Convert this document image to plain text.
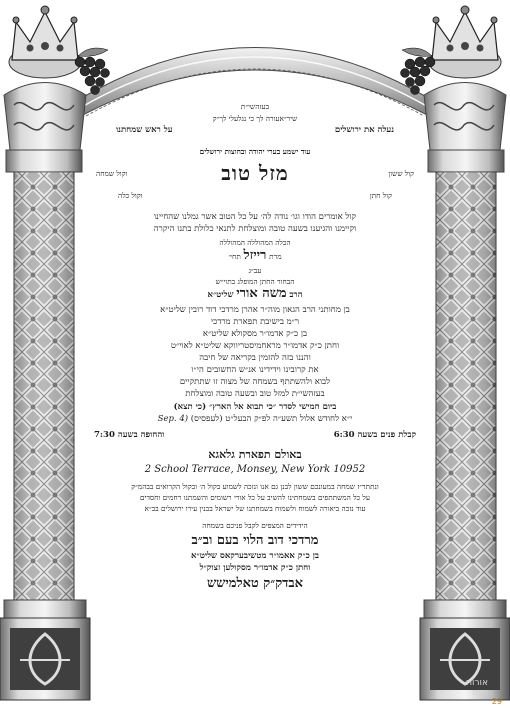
בעזהשי״ת
שיר״אעורה לך כי נגלעלי לך״ק
נעלה את ירושלים
על ראש שמחתנו
עוד ישמע בערי יהודה ובחוצות ירושלים
מזל טוב	קול ששון
וקול שמחה
קול חתן
וקול כלה
קול אומרים הודו וגו׳ נודה לה׳ על כל הטוב אשר גמלנו שהחיינו
וקיימנו והגיענו בשעה טובה ומוצלחת לתנאי כלולת בתנו היקרה
הכלה המהוללה המהוללה
מרת רייזל תחי׳
עב״ג
הבחור החתן המופלג בתוי״ש
הרב משה אורי שליט״א
בן מחותני הרב הגאון מוה״ר אהרן מרדכי דוד רובין שליט״א
ר״מ בישיבת תפארת מרדכי
בן כ״ק אדמו״ר מסקולא שליט״א
וחתן כ״ק אדמו״ר מראחמיסטריווקא שליט״א לאוי״ט
והננו בזה להזמין בקריאה של חיבה
את קרובינו וידידינו אנ״ש החשובים הי״ו
לבוא ולהשתתף בשמחה של מצוה זו שתתקיים
בעזהשי״ת למזל טוב ובשעה טובה ומוצלחת
ביום חמישי לסדר ״כי תבוא אל הארץ״ (כי תצא)
י״א לחודש אלול תשע״ה לפ״ק הבעל״ט (לעפסיס) (Sep. 4
קבלת פנים בשעה 6:30
והחופה בשעה 7:30
באולם תפארת גלאגא
2 School Terrace, Monsey, New York 10952
ונתתר״ז שמחה במעונכם ששון לבנן גם אנו ונזכה לשמוע בקול ה׳ ובקול הקרואים בבהמ״ק
על כל המשתתפים בשמחתינו להשיב על כל אורי רשומים והשמתנו רחמים וחסדים
עוד נזכה ביאורה לשמוח ולשמוח בשמחתנו של ישראל בבנין עירו ירושלים בב״א
הידידים המצפים לקבל פניכם בשמחה
מרדכי דוב הלוי בעם וב״ב
בן כ״ק אאמו״ר מטשיבערקאס שליט״א
וחתן כ״ק אדמו״ר מסקולען זצוק״ל
אבדק״ק טאלמישש
אורות
חיים
29
